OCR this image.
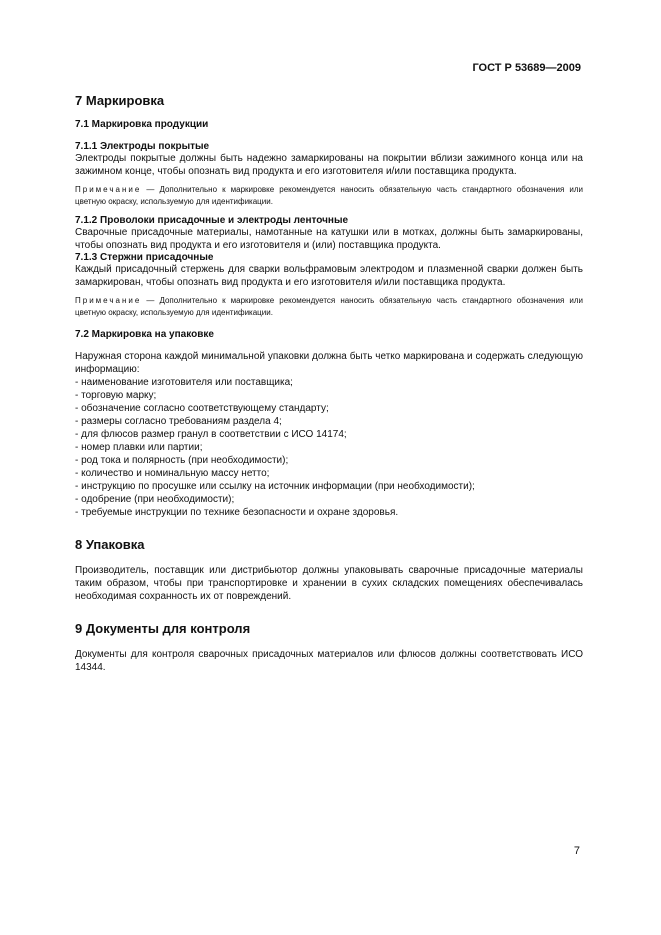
ГОСТ Р 53689—2009
7 Маркировка
7.1 Маркировка продукции
7.1.1 Электроды покрытые

Электроды покрытые должны быть надежно замаркированы на покрытии вблизи зажимного конца или на зажимном конце, чтобы опознать вид продукта и его изготовителя и/или поставщика продукта.

Примечание — Дополнительно к маркировке рекомендуется наносить обязательную часть стандартного обозначения или цветную окраску, используемую для идентификации.
7.1.2 Проволоки присадочные и электроды ленточные

Сварочные присадочные материалы, намотанные на катушки или в мотках, должны быть замаркированы, чтобы опознать вид продукта и его изготовителя и (или) поставщика продукта.

7.1.3 Стержни присадочные

Каждый присадочный стержень для сварки вольфрамовым электродом и плазменной сварки должен быть замаркирован, чтобы опознать вид продукта и его изготовителя и/или поставщика продукта.

Примечание — Дополнительно к маркировке рекомендуется наносить обязательную часть стандартного обозначения или цветную окраску, используемую для идентификации.
7.2 Маркировка на упаковке

Наружная сторона каждой минимальной упаковки должна быть четко маркирована и содержать следующую информацию:

- наименование изготовителя или поставщика;
- торговую марку;
- обозначение согласно соответствующему стандарту;
- размеры согласно требованиям раздела 4;
- для флюсов размер гранул в соответствии с ИСО 14174;
- номер плавки или партии;
- род тока и полярность (при необходимости);
- количество и номинальную массу нетто;
- инструкцию по просушке или ссылку на источник информации (при необходимости);
- одобрение (при необходимости);
- требуемые инструкции по технике безопасности и охране здоровья.
8 Упаковка

Производитель, поставщик или дистрибьютор должны упаковывать сварочные присадочные материалы таким образом, чтобы при транспортировке и хранении в сухих складских помещениях обеспечивалась необходимая сохранность их от повреждений.

9 Документы для контроля

Документы для контроля сварочных присадочных материалов или флюсов должны соответствовать ИСО 14344.

7
